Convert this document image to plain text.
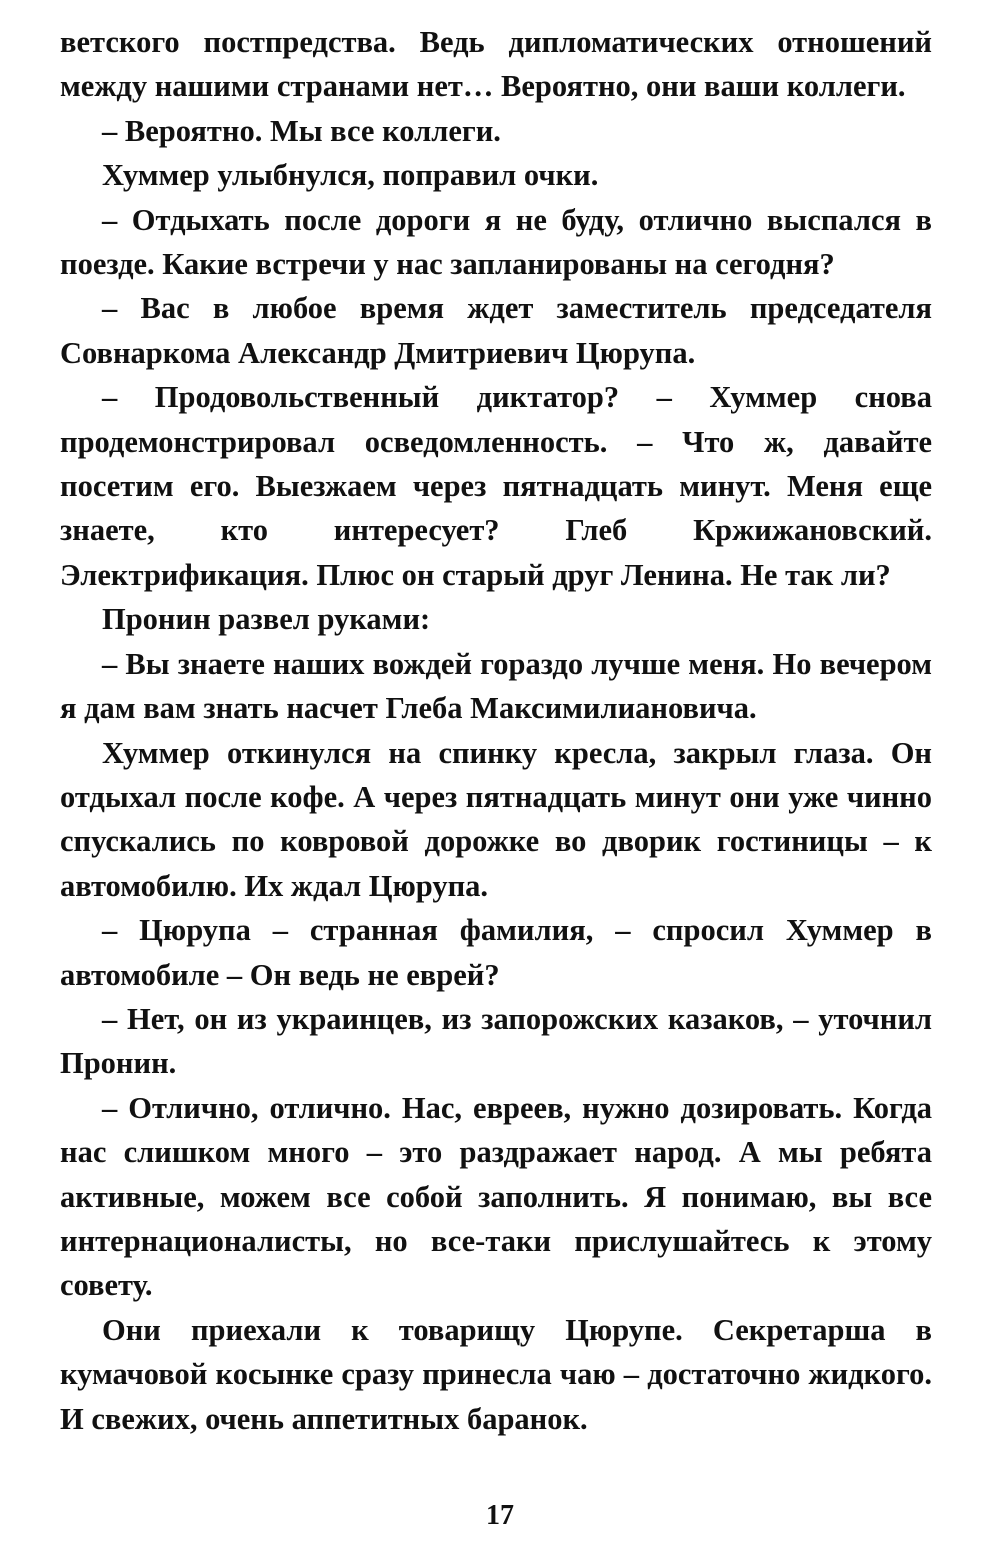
ветского постпредства. Ведь дипломатических отношений между нашими странами нет… Вероятно, они ваши коллеги.

– Вероятно. Мы все коллеги.

Хуммер улыбнулся, поправил очки.

– Отдыхать после дороги я не буду, отлично выспался в поезде. Какие встречи у нас запланированы на сегодня?

– Вас в любое время ждет заместитель председателя Совнаркома Александр Дмитриевич Цюрупа.

– Продовольственный диктатор? – Хуммер снова продемонстрировал осведомленность. – Что ж, давайте посетим его. Выезжаем через пятнадцать минут. Меня еще знаете, кто интересует? Глеб Кржижановский. Электрификация. Плюс он старый друг Ленина. Не так ли?

Пронин развел руками:

– Вы знаете наших вождей гораздо лучше меня. Но вечером я дам вам знать насчет Глеба Максимилиановича.

Хуммер откинулся на спинку кресла, закрыл глаза. Он отдыхал после кофе. А через пятнадцать минут они уже чинно спускались по ковровой дорожке во дворик гостиницы – к автомобилю. Их ждал Цюрупа.

– Цюрупа – странная фамилия, – спросил Хуммер в автомобиле – Он ведь не еврей?

– Нет, он из украинцев, из запорожских казаков, – уточнил Пронин.

– Отлично, отлично. Нас, евреев, нужно дозировать. Когда нас слишком много – это раздражает народ. А мы ребята активные, можем все собой заполнить. Я понимаю, вы все интернационалисты, но все-таки прислушайтесь к этому совету.

Они приехали к товарищу Цюрупе. Секретарша в кумачовой косынке сразу принесла чаю – достаточно жидкого. И свежих, очень аппетитных баранок.

17
